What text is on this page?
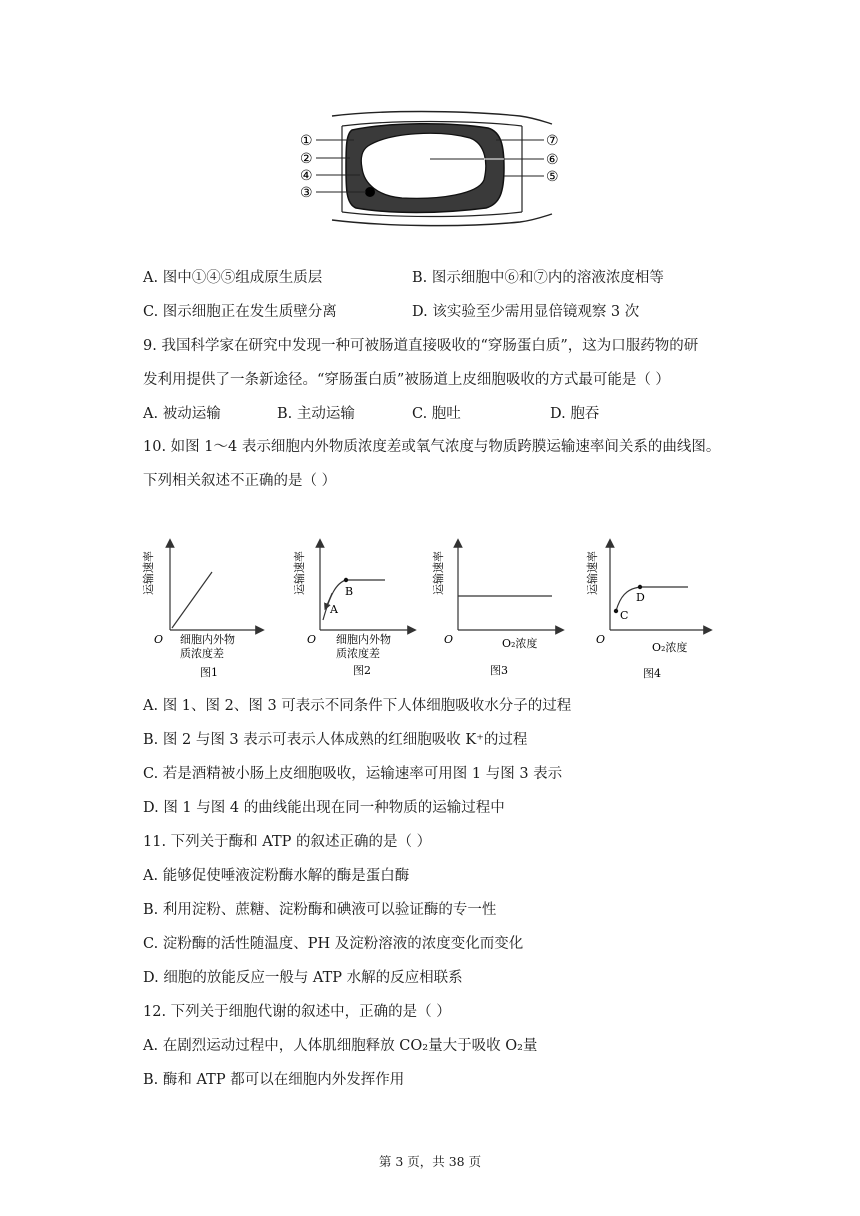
①
②
④
③
⑦
⑥
⑤
A. 图中①④⑤组成原生质层	B. 图示细胞中⑥和⑦内的溶液浓度相等
C. 图示细胞正在发生质壁分离	D. 该实验至少需用显倍镜观察 3 次
9. 我国科学家在研究中发现一种可被肠道直接吸收的“穿肠蛋白质”，这为口服药物的研
发利用提供了一条新途径。“穿肠蛋白质”被肠道上皮细胞吸收的方式最可能是（ ）
A. 被动运输	B. 主动运输	C. 胞吐	D. 胞吞
10. 如图 1～4 表示细胞内外物质浓度差或氧气浓度与物质跨膜运输速率间关系的曲线图。
下列相关叙述不正确的是（ ）
运输速率
O 细胞内外物
质浓度差
图1
运输速率
A
B
O 细胞内外物
质浓度差
图2
运输速率
O	O₂浓度
图3
运输速率
C
D
O
O₂浓度
图4
A. 图 1、图 2、图 3 可表示不同条件下人体细胞吸收水分子的过程
B. 图 2 与图 3 表示可表示人体成熟的红细胞吸收 K⁺的过程
C. 若是酒精被小肠上皮细胞吸收，运输速率可用图 1 与图 3 表示
D. 图 1 与图 4 的曲线能出现在同一种物质的运输过程中
11. 下列关于酶和 ATP 的叙述正确的是（ ）
A. 能够促使唾液淀粉酶水解的酶是蛋白酶
B. 利用淀粉、蔗糖、淀粉酶和碘液可以验证酶的专一性
C. 淀粉酶的活性随温度、PH 及淀粉溶液的浓度变化而变化
D. 细胞的放能反应一般与 ATP 水解的反应相联系
12. 下列关于细胞代谢的叙述中，正确的是（ ）
A. 在剧烈运动过程中，人体肌细胞释放 CO₂量大于吸收 O₂量
B. 酶和 ATP 都可以在细胞内外发挥作用
第 3 页，共 38 页
